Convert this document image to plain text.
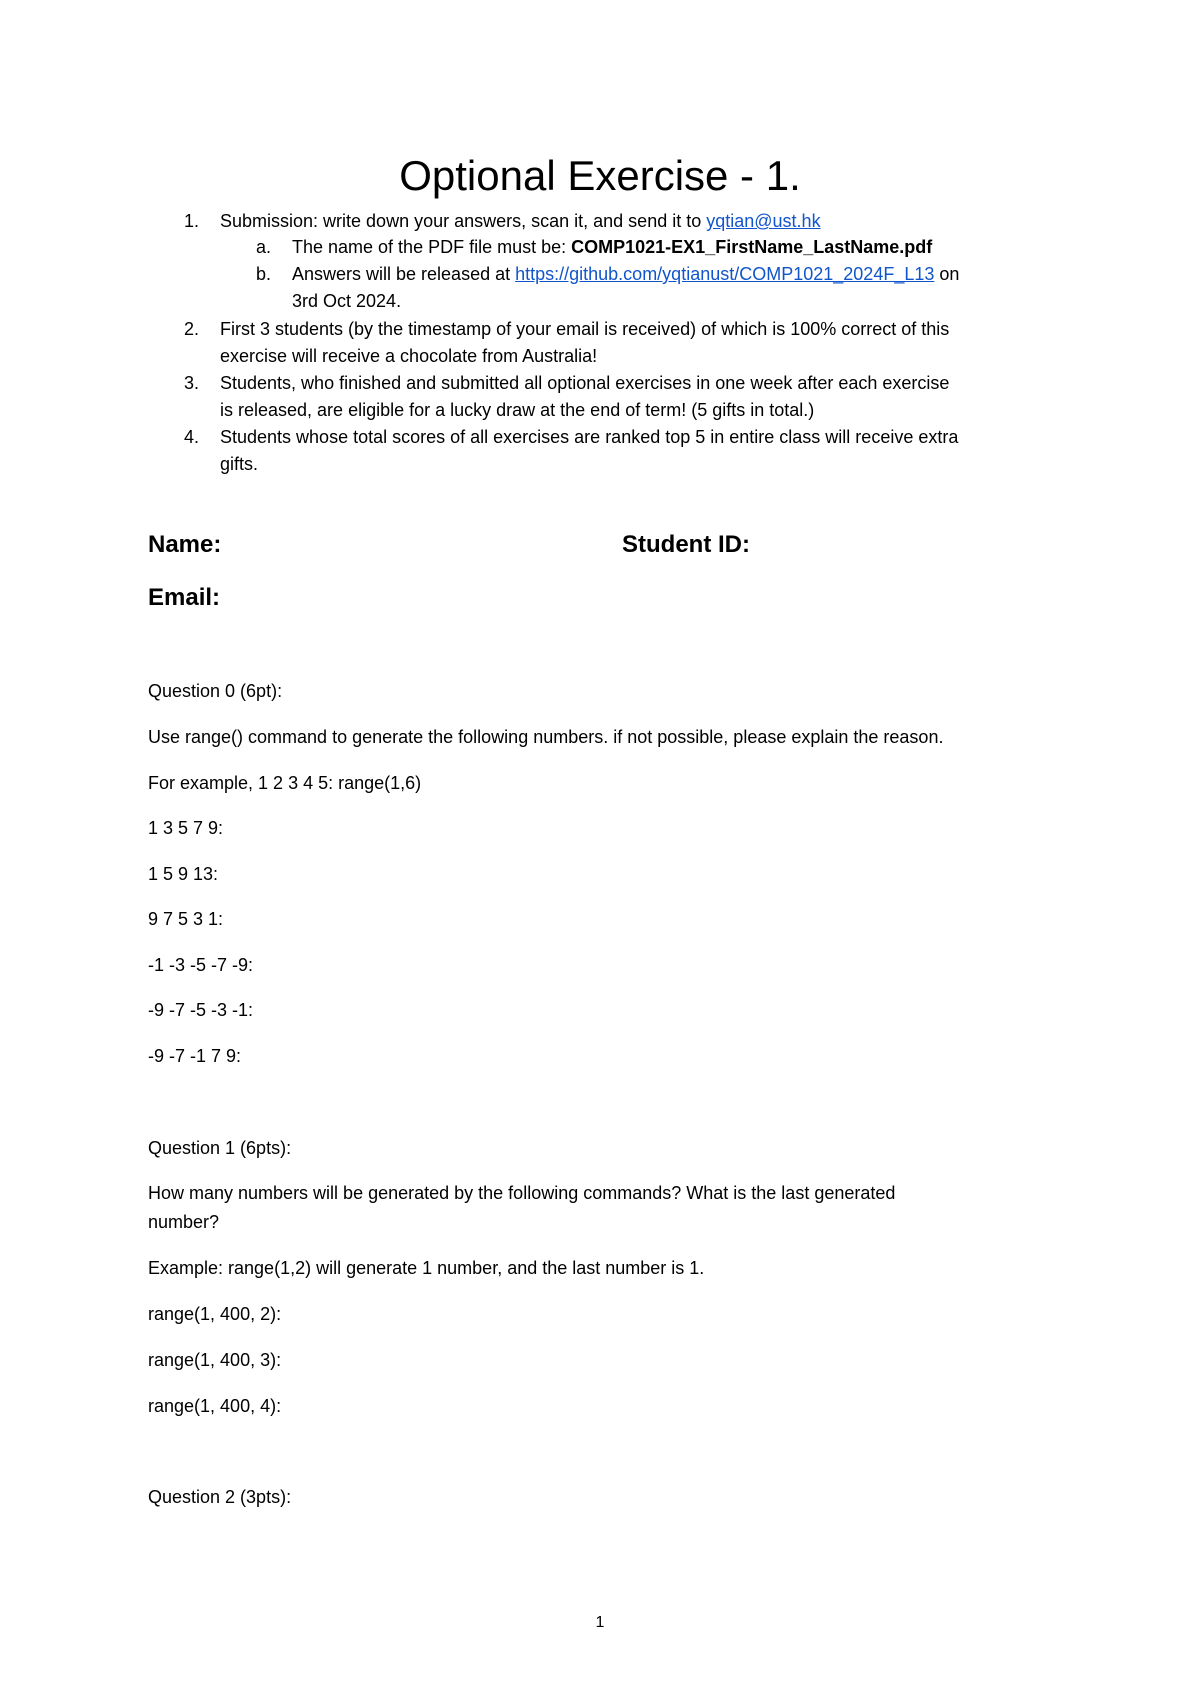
Optional Exercise - 1.
1. Submission: write down your answers, scan it, and send it to yqtian@ust.hk
a. The name of the PDF file must be: COMP1021-EX1_FirstName_LastName.pdf
b. Answers will be released at https://github.com/yqtianust/COMP1021_2024F_L13 on
3rd Oct 2024.
2. First 3 students (by the timestamp of your email is received) of which is 100% correct of this
exercise will receive a chocolate from Australia!
3. Students, who finished and submitted all optional exercises in one week after each exercise
is released, are eligible for a lucky draw at the end of term! (5 gifts in total.)
4. Students whose total scores of all exercises are ranked top 5 in entire class will receive extra
gifts.
Name:	Student ID:
Email:
Question 0 (6pt):
Use range() command to generate the following numbers. if not possible, please explain the reason.
For example, 1 2 3 4 5: range(1,6)
1 3 5 7 9:
1 5 9 13:
9 7 5 3 1:
-1 -3 -5 -7 -9:
-9 -7 -5 -3 -1:
-9 -7 -1 7 9:
Question 1 (6pts):
How many numbers will be generated by the following commands? What is the last generated
number?
Example: range(1,2) will generate 1 number, and the last number is 1.
range(1, 400, 2):
range(1, 400, 3):
range(1, 400, 4):
Question 2 (3pts):
1
